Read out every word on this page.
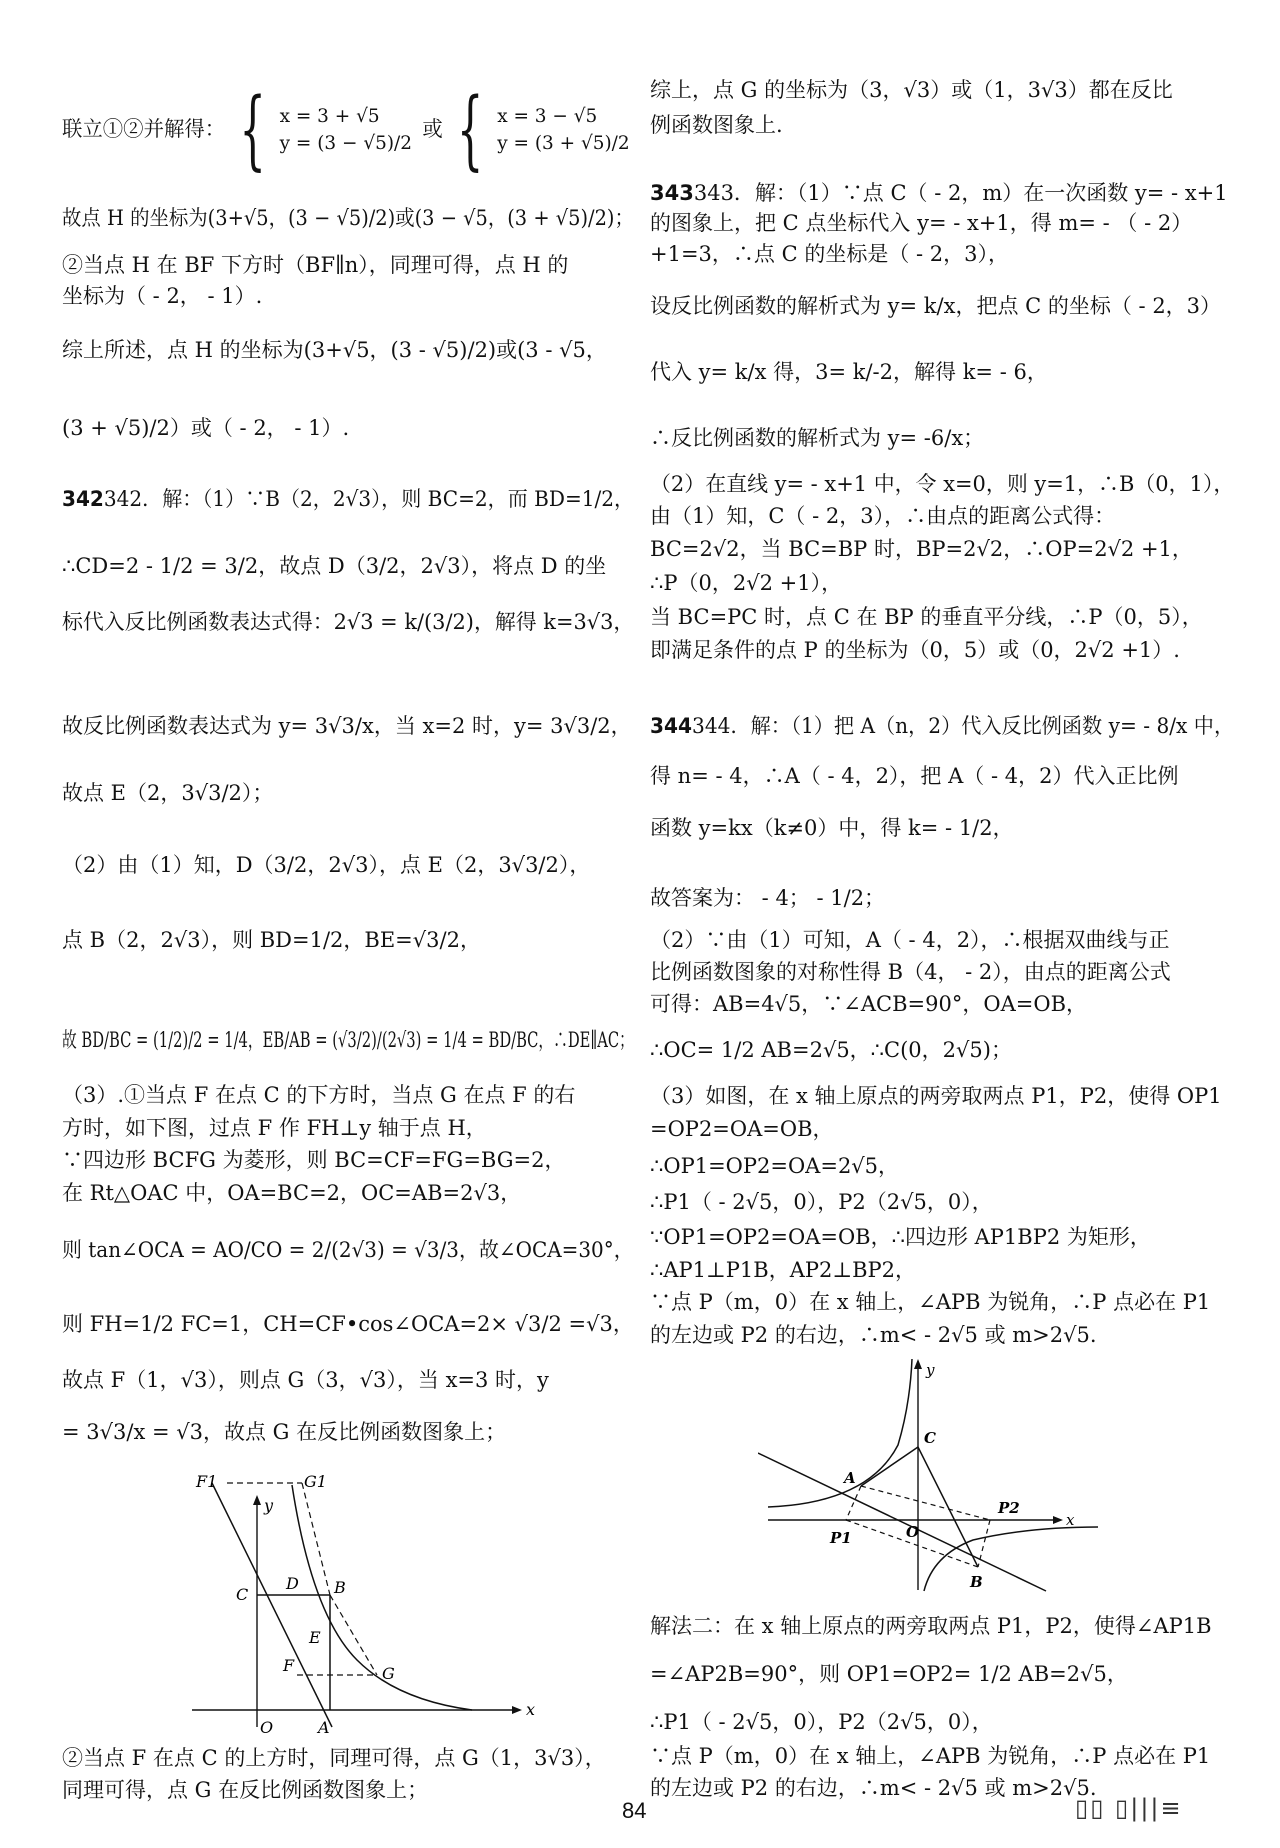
联立①②并解得： { x = 3 + √5
y = (3 − √5)/2
或 { x = 3 − √5
y = (3 + √5)/2
故点 H 的坐标为(3+√5，(3 − √5)/2)或(3 − √5，(3 + √5)/2)；
②当点 H 在 BF 下方时（BF∥n），同理可得，点 H 的
坐标为（ - 2， - 1）.
综上所述，点 H 的坐标为(3+√5，(3 - √5)/2)或(3 - √5，
(3 + √5)/2）或（ - 2， - 1）.
342342．解：（1）∵B（2，2√3），则 BC=2，而 BD=1/2，
∴CD=2 - 1/2 = 3/2，故点 D（3/2，2√3），将点 D 的坐
标代入反比例函数表达式得：2√3 = k/(3/2)，解得 k=3√3，
故反比例函数表达式为 y= 3√3/x，当 x=2 时，y= 3√3/2，
故点 E（2，3√3/2）；
（2）由（1）知，D（3/2，2√3），点 E（2，3√3/2），
点 B（2，2√3），则 BD=1/2，BE=√3/2，
故 BD/BC = (1/2)/2 = 1/4，EB/AB = (√3/2)/(2√3) = 1/4 = BD/BC，∴DE∥AC；
（3）.①当点 F 在点 C 的下方时，当点 G 在点 F 的右
方时，如下图，过点 F 作 FH⊥y 轴于点 H，
∵四边形 BCFG 为菱形，则 BC=CF=FG=BG=2，
在 Rt△OAC 中，OA=BC=2，OC=AB=2√3，
则 tan∠OCA = AO/CO = 2/(2√3) = √3/3，故∠OCA=30°，
则 FH=1/2 FC=1，CH=CF•cos∠OCA=2× √3/2 =√3，
故点 F（1，√3），则点 G（3，√3），当 x=3 时，y
= 3√3/x = √3，故点 G 在反比例函数图象上；
F1	G1
y
C
D B
E
F	G
O	A
x
②当点 F 在点 C 的上方时，同理可得，点 G（1，3√3），
同理可得，点 G 在反比例函数图象上；
综上，点 G 的坐标为（3，√3）或（1，3√3）都在反比
例函数图象上.
343343．解：（1）∵点 C（ - 2，m）在一次函数 y= - x+1
的图象上，把 C 点坐标代入 y= - x+1，得 m= - （ - 2）
+1=3，∴点 C 的坐标是（ - 2，3），
设反比例函数的解析式为 y= k/x，把点 C 的坐标（ - 2，3）
代入 y= k/x 得，3= k/-2，解得 k= - 6，
∴反比例函数的解析式为 y= -6/x；
（2）在直线 y= - x+1 中，令 x=0，则 y=1，∴B（0，1），
由（1）知，C（ - 2，3），∴由点的距离公式得：
BC=2√2，当 BC=BP 时，BP=2√2，∴OP=2√2 +1，
∴P（0，2√2 +1），
当 BC=PC 时，点 C 在 BP 的垂直平分线，∴P（0，5），
即满足条件的点 P 的坐标为（0，5）或（0，2√2 +1）.
344344．解：（1）把 A（n，2）代入反比例函数 y= - 8/x 中，
得 n= - 4，∴A（ - 4，2），把 A（ - 4，2）代入正比例
函数 y=kx（k≠0）中，得 k= - 1/2，
故答案为： - 4； - 1/2；
（2）∵由（1）可知，A（ - 4，2），∴根据双曲线与正
比例函数图象的对称性得 B（4， - 2），由点的距离公式
可得：AB=4√5，∵∠ACB=90°，OA=OB，
∴OC= 1/2 AB=2√5，∴C(0，2√5)；
（3）如图，在 x 轴上原点的两旁取两点 P1，P2，使得 OP1
=OP2=OA=OB，
∴OP1=OP2=OA=2√5，
∴P1（ - 2√5，0），P2（2√5，0），
∵OP1=OP2=OA=OB，∴四边形 AP1BP2 为矩形，
∴AP1⊥P1B，AP2⊥BP2，
∵点 P（m，0）在 x 轴上，∠APB 为锐角，∴P 点必在 P1
的左边或 P2 的右边，∴m< - 2√5 或 m>2√5.
y
C
A
P2
x
P1	O
B
解法二：在 x 轴上原点的两旁取两点 P1，P2，使得∠AP1B
=∠AP2B=90°，则 OP1=OP2= 1/2 AB=2√5，
∴P1（ - 2√5，0），P2（2√5，0），
∵点 P（m，0）在 x 轴上，∠APB 为锐角，∴P 点必在 P1
的左边或 P2 的右边，∴m< - 2√5 或 m>2√5.
84	▯▯ ▯|||≡
